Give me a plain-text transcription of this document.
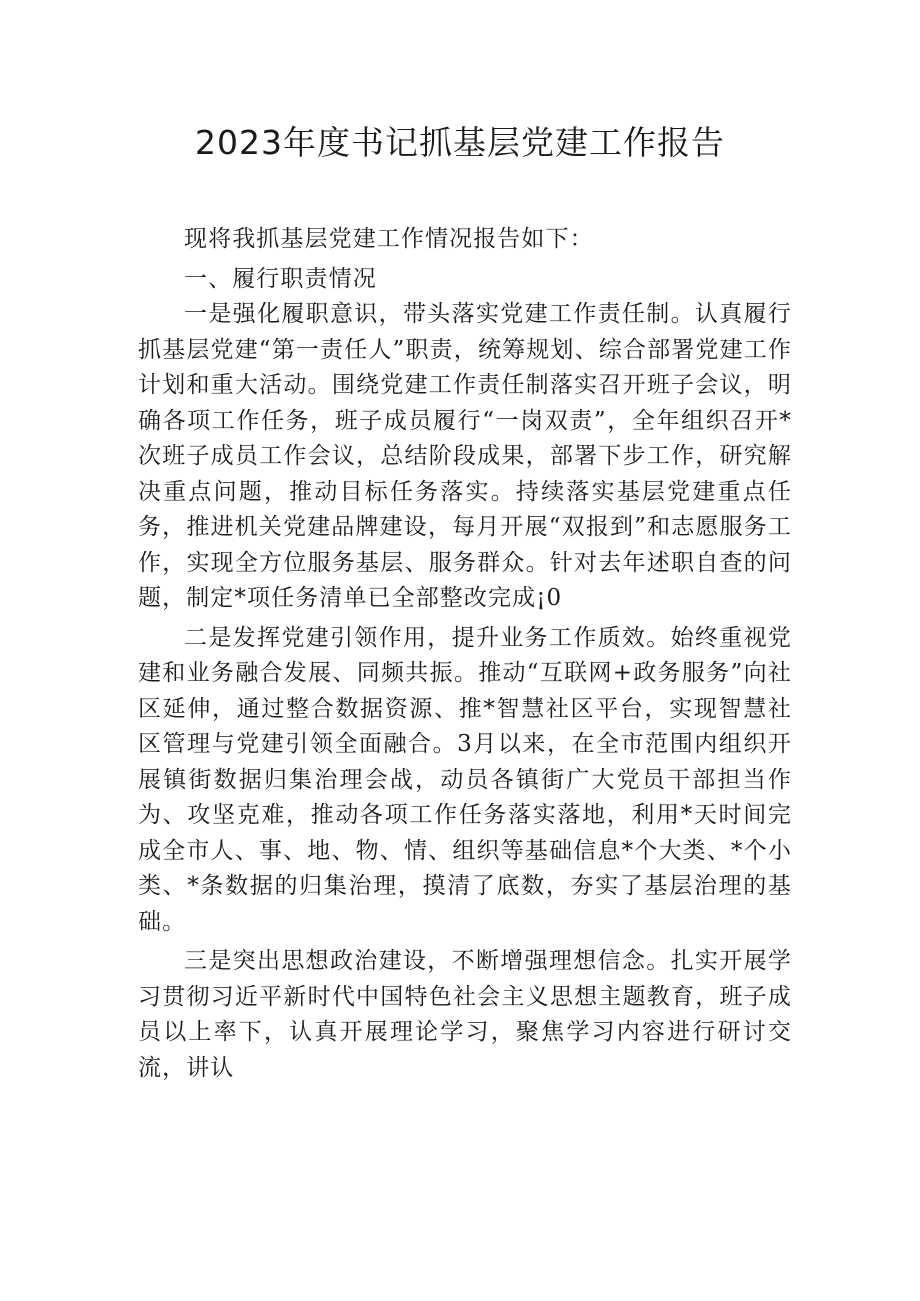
2023年度书记抓基层党建工作报告

现将我抓基层党建工作情况报告如下：

一、履行职责情况

一是强化履职意识，带头落实党建工作责任制。认真履行抓基层党建“第一责任人”职责，统筹规划、综合部署党建工作计划和重大活动。围绕党建工作责任制落实召开班子会议，明确各项工作任务，班子成员履行“一岗双责”，全年组织召开*次班子成员工作会议，总结阶段成果，部署下步工作，研究解决重点问题，推动目标任务落实。持续落实基层党建重点任务，推进机关党建品牌建设，每月开展“双报到”和志愿服务工作，实现全方位服务基层、服务群众。针对去年述职自查的问题，制定*项任务清单已全部整改完成¡0

二是发挥党建引领作用，提升业务工作质效。始终重视党建和业务融合发展、同频共振。推动“互联网+政务服务”向社区延伸，通过整合数据资源、推*智慧社区平台，实现智慧社区管理与党建引领全面融合。3月以来，在全市范围内组织开展镇街数据归集治理会战，动员各镇街广大党员干部担当作为、攻坚克难，推动各项工作任务落实落地，利用*天时间完成全市人、事、地、物、情、组织等基础信息*个大类、*个小类、*条数据的归集治理，摸清了底数，夯实了基层治理的基础。

三是突出思想政治建设，不断增强理想信念。扎实开展学习贯彻习近平新时代中国特色社会主义思想主题教育，班子成员以上率下，认真开展理论学习，聚焦学习内容进行研讨交流，讲认
